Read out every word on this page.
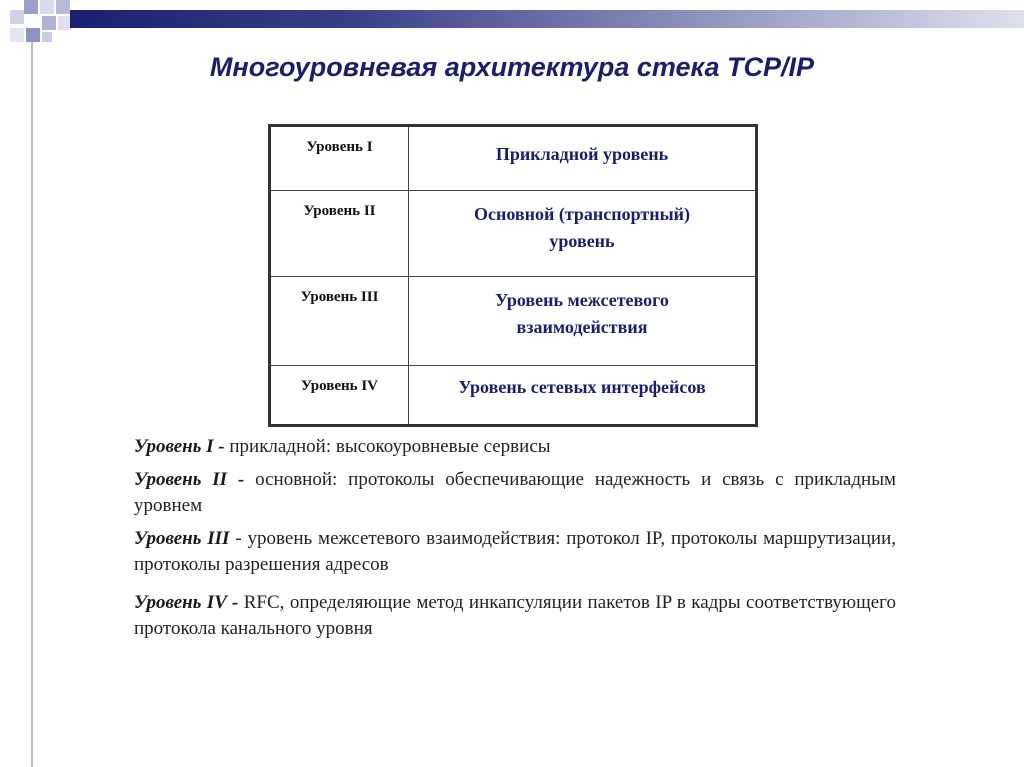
Многоуровневая архитектура стека TCP/IP
Уровень I	Прикладной уровень
Уровень II	Основной (транспортный)
уровень

Уровень III	Уровень межсетевого
взаимодействия

Уровень IV	Уровень сетевых интерфейсов

Уровень I - прикладной: высокоуровневые сервисы

Уровень II - основной: протоколы обеспечивающие надежность и связь с прикладным уровнем

Уровень III - уровень межсетевого взаимодействия: протокол IP, протоколы маршрутизации, протоколы разрешения адресов

Уровень IV - RFC, определяющие метод инкапсуляции пакетов IP в кадры соответствующего протокола канального уровня
